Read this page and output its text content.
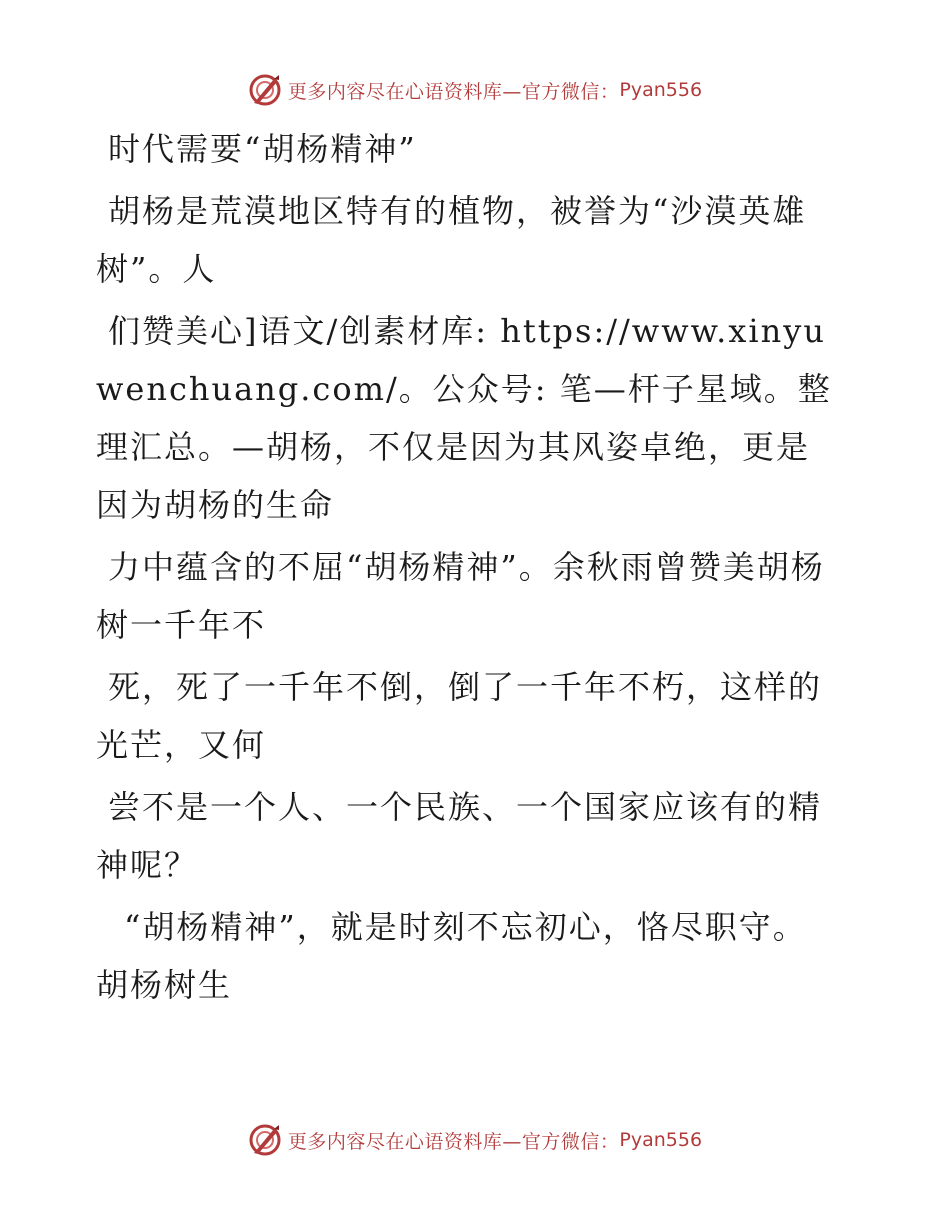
更多内容尽在心语资料库—官方微信： Pyan556

时代需要“胡杨精神”

胡杨是荒漠地区特有的植物，被誉为“沙漠英雄树”。人

们赞美心]语文/创素材库: https://www.xinyuwenchuang.com/。公众号: 笔—杆子星域。整理汇总。—胡杨，不仅是因为其风姿卓绝，更是因为胡杨的生命

力中蕴含的不屈“胡杨精神”。余秋雨曾赞美胡杨树一千年不

死，死了一千年不倒，倒了一千年不朽，这样的光芒，又何

尝不是一个人、一个民族、一个国家应该有的精神呢？

“胡杨精神”，就是时刻不忘初心，恪尽职守。胡杨树生

更多内容尽在心语资料库—官方微信： Pyan556
